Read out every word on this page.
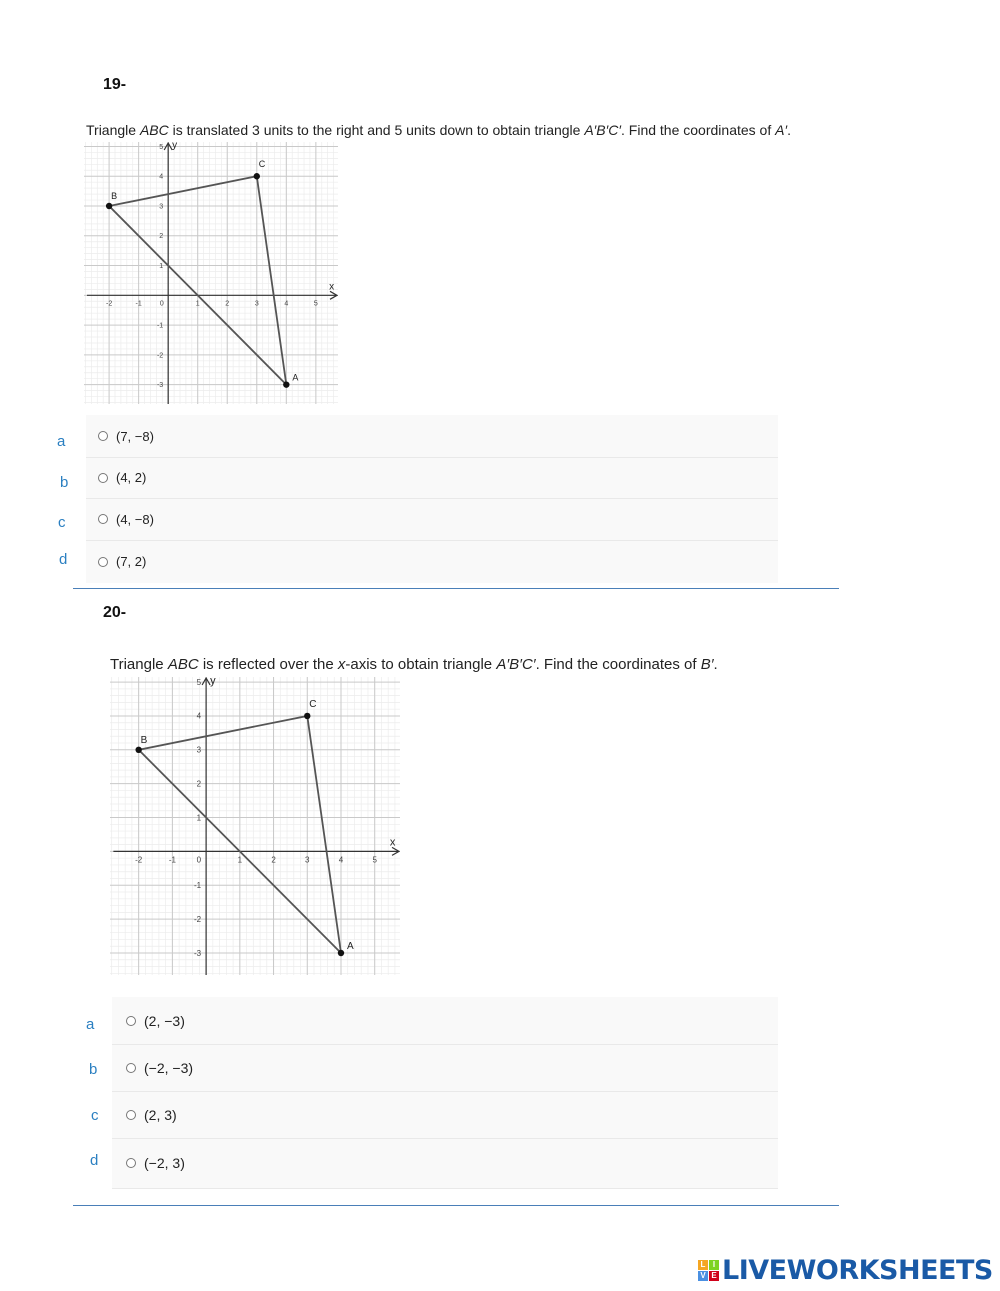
19-
Triangle ABC is translated 3 units to the right and 5 units down to obtain triangle A′B′C′. Find the coordinates of A′.
-2	-1	0	1	2	3	4	5
5
4
3
2
1
-1
-2
-3
x
y
A
B
C
(7, −8)
(4, 2)
(4, −8)
(7, 2)
a
b
c
d
20-
Triangle ABC is reflected over the x-axis to obtain triangle A′B′C′. Find the coordinates of B′.
-2	-1	0	1	2	3	4	5
5
4
3
2
1
-1
-2
-3
x
y
A
B
C
(2, −3)
(−2, −3)
(2, 3)
(−2, 3)
a
b
c
d
L I
V E LIVEWORKSHEETS
